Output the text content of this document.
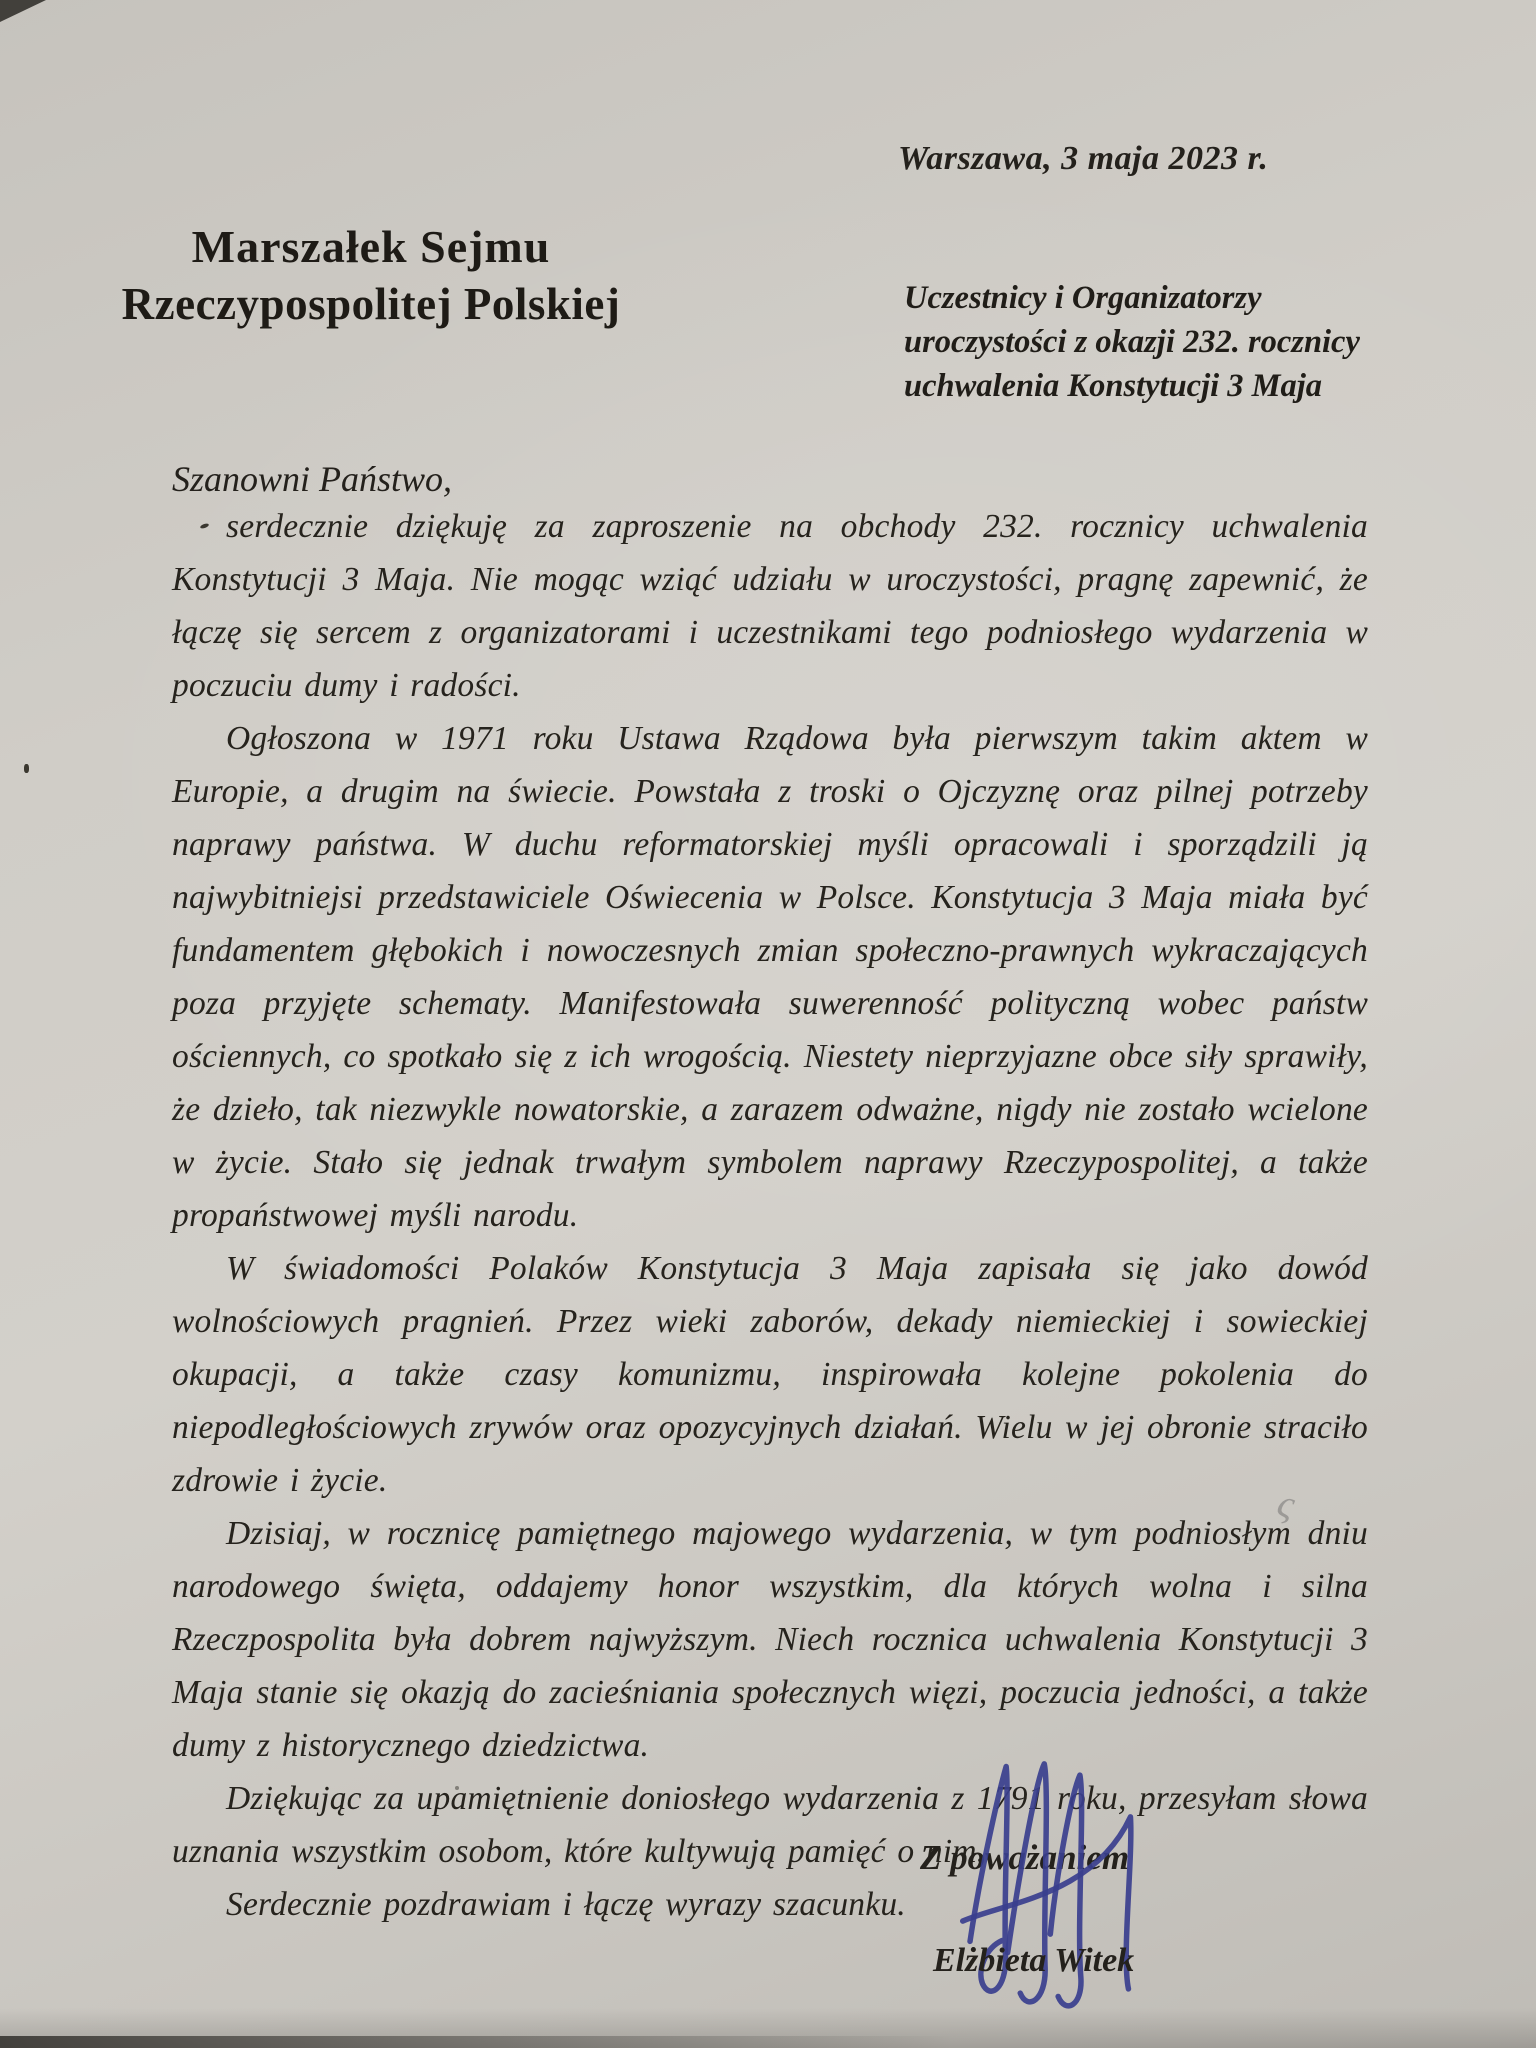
ς
Warszawa, 3 maja 2023 r.
Marszałek Sejmu
Rzeczypospolitej Polskiej	Uczestnicy i Organizatorzy
uroczystości z okazji 232. rocznicy
uchwalenia Konstytucji 3 Maja
Szanowni Państwo,

serdecznie dziękuję za zaproszenie na obchody 232. rocznicy uchwalenia Konstytucji 3 Maja. Nie mogąc wziąć udziału w uroczystości, pragnę zapewnić, że łączę się sercem z organizatorami i uczestnikami tego podniosłego wydarzenia w poczuciu dumy i radości.

Ogłoszona w 1971 roku Ustawa Rządowa była pierwszym takim aktem w Europie, a drugim na świecie. Powstała z troski o Ojczyznę oraz pilnej potrzeby naprawy państwa. W duchu reformatorskiej myśli opracowali i sporządzili ją najwybitniejsi przedstawiciele Oświecenia w Polsce. Konstytucja 3 Maja miała być fundamentem głębokich i nowoczesnych zmian społeczno-prawnych wykraczających poza przyjęte schematy. Manifestowała suwerenność polityczną wobec państw ościennych, co spotkało się z ich wrogością. Niestety nieprzyjazne obce siły sprawiły, że dzieło, tak niezwykle nowatorskie, a zarazem odważne, nigdy nie zostało wcielone w życie. Stało się jednak trwałym symbolem naprawy Rzeczypospolitej, a także propaństwowej myśli narodu.

W świadomości Polaków Konstytucja 3 Maja zapisała się jako dowód wolnościowych pragnień. Przez wieki zaborów, dekady niemieckiej i sowieckiej okupacji, a także czasy komunizmu, inspirowała kolejne pokolenia do niepodległościowych zrywów oraz opozycyjnych działań. Wielu w jej obronie straciło zdrowie i życie.

Dzisiaj, w rocznicę pamiętnego majowego wydarzenia, w tym podniosłym dniu narodowego święta, oddajemy honor wszystkim, dla których wolna i silna Rzeczpospolita była dobrem najwyższym. Niech rocznica uchwalenia Konstytucji 3 Maja stanie się okazją do zacieśniania społecznych więzi, poczucia jedności, a także dumy z historycznego dziedzictwa.

Dziękując za upamiętnienie doniosłego wydarzenia z 1791 roku, przesyłam słowa uznania wszystkim osobom, które kultywują pamięć o nim.

Serdecznie pozdrawiam i łączę wyrazy szacunku.

Z poważaniem
Elżbieta Witek
